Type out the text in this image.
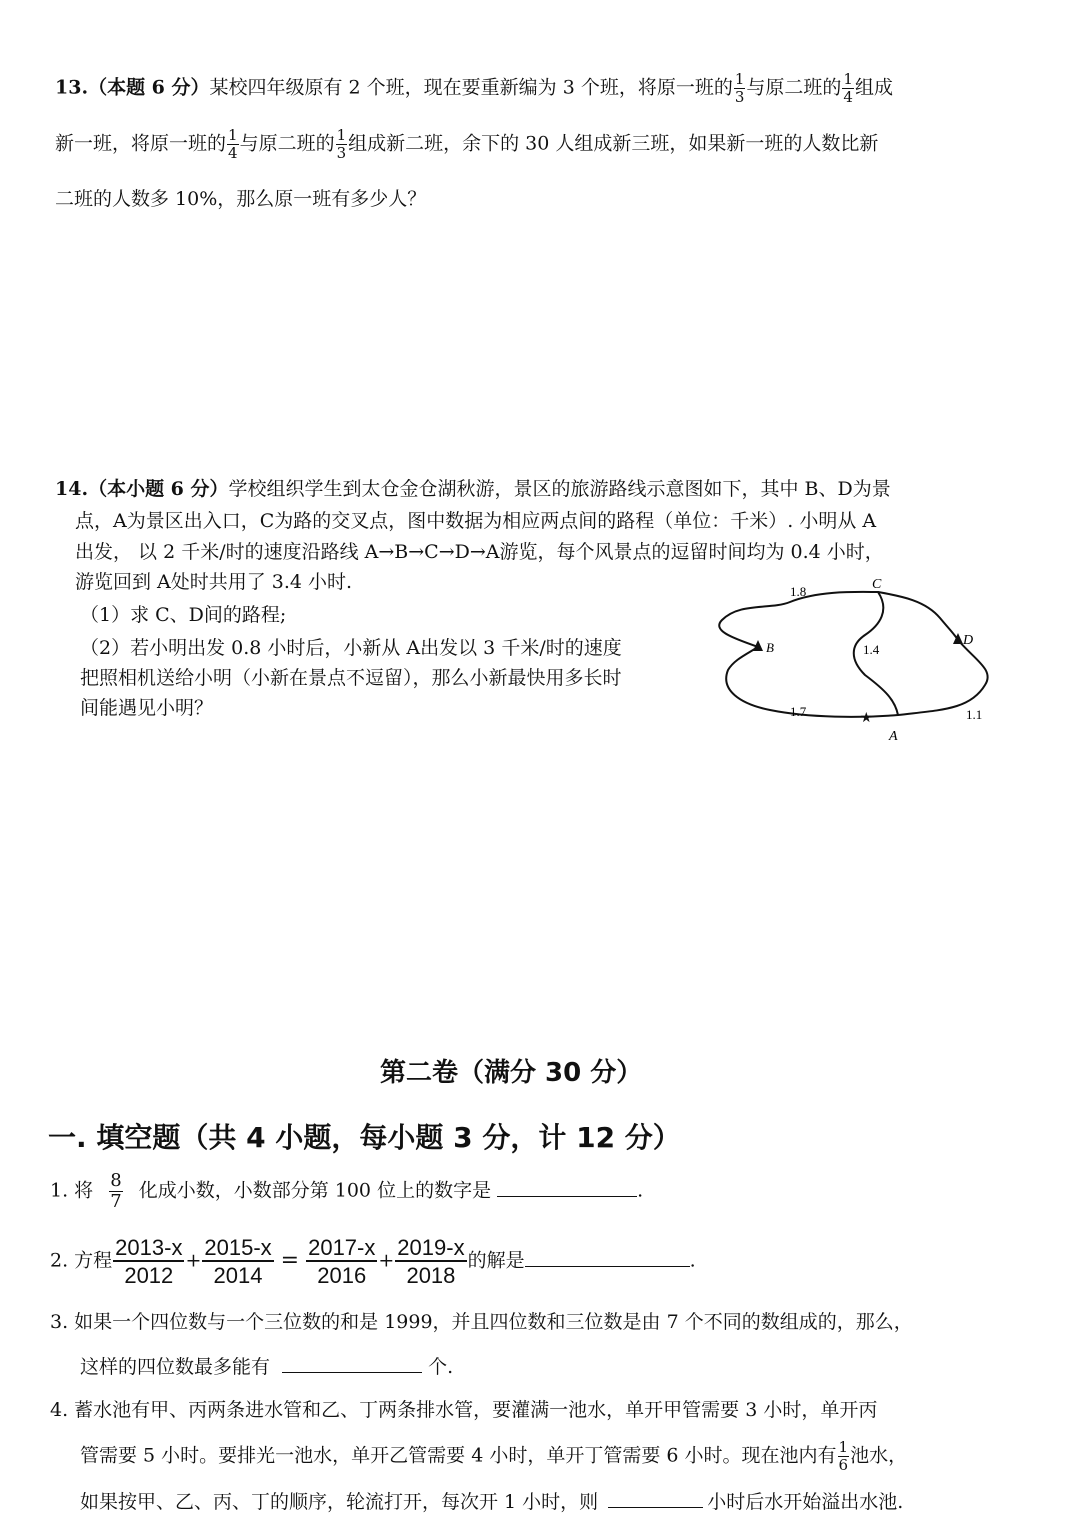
13.（本题 6 分）某校四年级原有 2 个班，现在要重新编为 3 个班，将原一班的 $\frac{1}{3}$ 与原二班的 $\frac{1}{4}$ 组成
新一班，将原一班的 $\frac{1}{4}$ 与原二班的 $\frac{1}{3}$ 组成新二班，余下的 30 人组成新三班，如果新一班的人数比新
二班的人数多 10%，那么原一班有多少人？
14.（本小题 6 分）学校组织学生到太仓金仓湖秋游，景区的旅游路线示意图如下，其中 B、D为景
点，A为景区出入口，C为路的交叉点，图中数据为相应两点间的路程（单位：千米）. 小明从 A
出发， 以 2 千米/时的速度沿路线 A→B→C→D→A游览，每个风景点的逗留时间均为 0.4 小时，
游览回到 A处时共用了 3.4 小时.
（1）求 C、D间的路程;
（2）若小明出发 0.8 小时后，小新从 A出发以 3 千米/时的速度
把照相机送给小明（小新在景点不逗留），那么小新最快用多长时
间能遇见小明？	★
B	D
C
A
1.8
1.4
1.7	1.1
第二卷（满分 30 分）
一. 填空题（共 4 小题，每小题 3 分，计 12 分）
1. 将 $\frac{8}{7}$ 化成小数，小数部分第 100 位上的数字是	.
2. 方程 $\frac{2013-x}{2012} + \frac{2015-x}{2014} = \frac{2017-x}{2016} + \frac{2019-x}{2018}$ 的解是	.
3. 如果一个四位数与一个三位数的和是 1999，并且四位数和三位数是由 7 个不同的数组成的，那么，
这样的四位数最多能有	个.
4. 蓄水池有甲、丙两条进水管和乙、丁两条排水管，要灌满一池水，单开甲管需要 3 小时，单开丙
管需要 5 小时。要排光一池水，单开乙管需要 4 小时，单开丁管需要 6 小时。现在池内有 $\frac{1}{6}$ 池水，
如果按甲、乙、丙、丁的顺序，轮流打开，每次开 1 小时，则	小时后水开始溢出水池.
